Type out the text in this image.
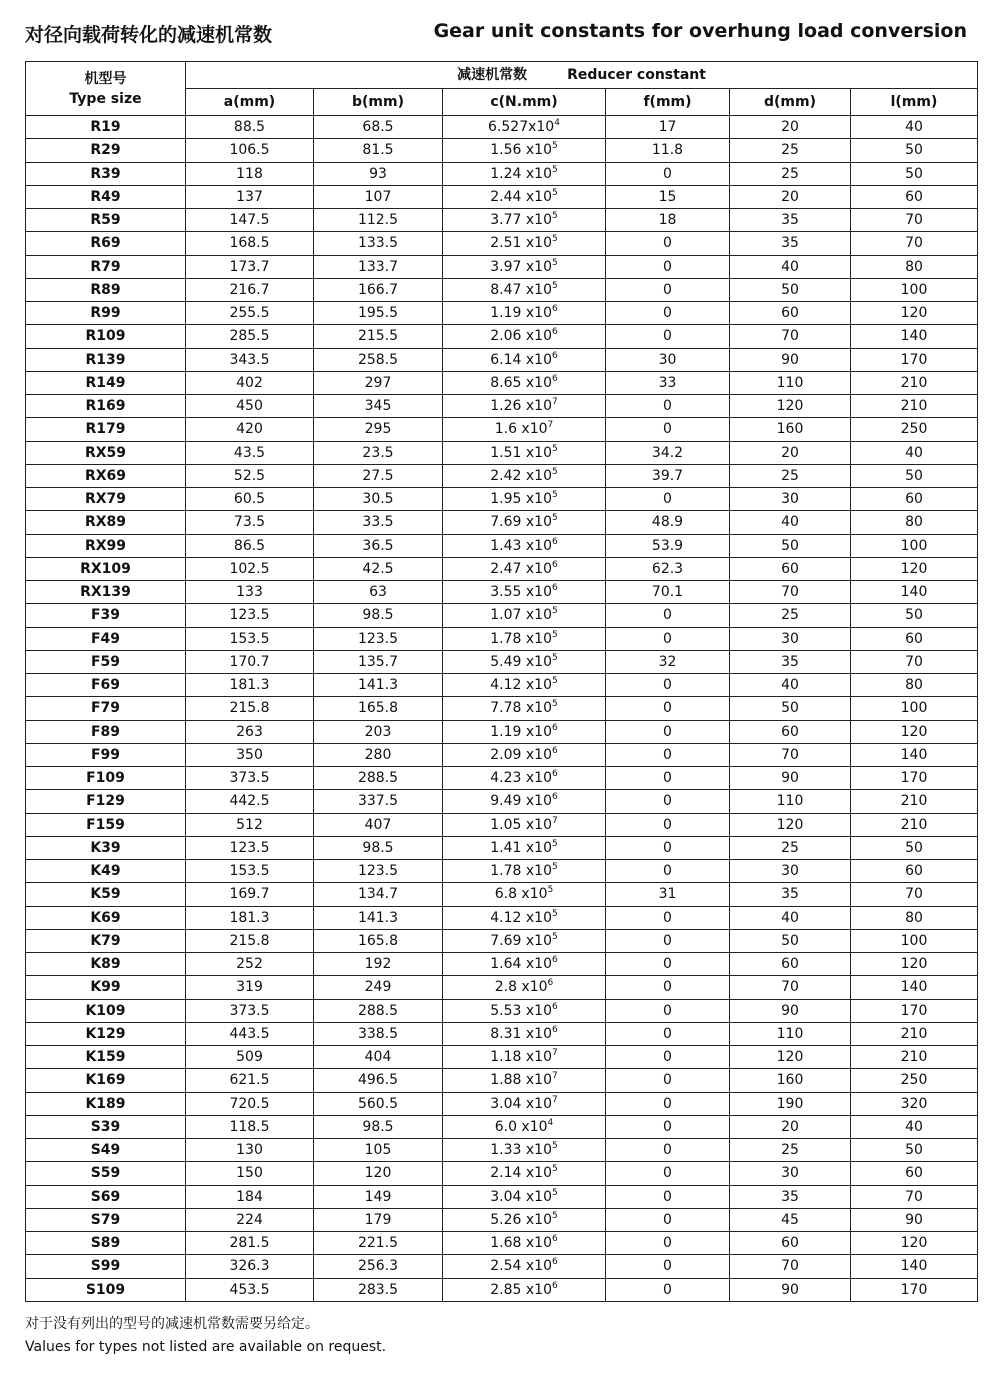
对径向载荷转化的减速机常数	Gear unit constants for overhung load conversion
机型号
Type size	减速机常数 Reducer constant					
	a(mm)	b(mm)	c(N.mm)	f(mm)	d(mm)	l(mm)
R19	88.5	68.5	$6.527x10^4$	17	20	40
R29	106.5	81.5	1.56 $x10^5$	11.8	25	50
R39	118	93	1.24 $x10^5$	0	25	50
R49	137	107	2.44 $x10^5$	15	20	60
R59	147.5	112.5	3.77 $x10^5$	18	35	70
R69	168.5	133.5	2.51 $x10^5$	0	35	70
R79	173.7	133.7	3.97 $x10^5$	0	40	80
R89	216.7	166.7	8.47 $x10^5$	0	50	100
R99	255.5	195.5	1.19 $x10^6$	0	60	120
R109	285.5	215.5	2.06 $x10^6$	0	70	140
R139	343.5	258.5	6.14 $x10^6$	30	90	170
R149	402	297	8.65 $x10^6$	33	110	210
R169	450	345	1.26 $x10^7$	0	120	210
R179	420	295	1.6 $x10^7$	0	160	250
RX59	43.5	23.5	1.51 $x10^5$	34.2	20	40
RX69	52.5	27.5	2.42 $x10^5$	39.7	25	50
RX79	60.5	30.5	1.95 $x10^5$	0	30	60
RX89	73.5	33.5	7.69 $x10^5$	48.9	40	80
RX99	86.5	36.5	1.43 $x10^6$	53.9	50	100
RX109	102.5	42.5	2.47 $x10^6$	62.3	60	120
RX139	133	63	3.55 $x10^6$	70.1	70	140
F39	123.5	98.5	1.07 $x10^5$	0	25	50
F49	153.5	123.5	1.78 $x10^5$	0	30	60
F59	170.7	135.7	5.49 $x10^5$	32	35	70
F69	181.3	141.3	4.12 $x10^5$	0	40	80
F79	215.8	165.8	7.78 $x10^5$	0	50	100
F89	263	203	1.19 $x10^6$	0	60	120
F99	350	280	2.09 $x10^6$	0	70	140
F109	373.5	288.5	4.23 $x10^6$	0	90	170
F129	442.5	337.5	9.49 $x10^6$	0	110	210
F159	512	407	1.05 $x10^7$	0	120	210
K39	123.5	98.5	1.41 $x10^5$	0	25	50
K49	153.5	123.5	1.78 $x10^5$	0	30	60
K59	169.7	134.7	6.8 $x10^5$	31	35	70
K69	181.3	141.3	4.12 $x10^5$	0	40	80
K79	215.8	165.8	7.69 $x10^5$	0	50	100
K89	252	192	1.64 $x10^6$	0	60	120
K99	319	249	2.8 $x10^6$	0	70	140
K109	373.5	288.5	5.53 $x10^6$	0	90	170
K129	443.5	338.5	8.31 $x10^6$	0	110	210
K159	509	404	1.18 $x10^7$	0	120	210
K169	621.5	496.5	1.88 $x10^7$	0	160	250
K189	720.5	560.5	3.04 $x10^7$	0	190	320
S39	118.5	98.5	6.0 $x10^4$	0	20	40
S49	130	105	1.33 $x10^5$	0	25	50
S59	150	120	2.14 $x10^5$	0	30	60
S69	184	149	3.04 $x10^5$	0	35	70
S79	224	179	5.26 $x10^5$	0	45	90
S89	281.5	221.5	1.68 $x10^6$	0	60	120
S99	326.3	256.3	2.54 $x10^6$	0	70	140
S109	453.5	283.5	2.85 $x10^6$	0	90	170
对于没有列出的型号的减速机常数需要另给定。
Values for types not listed are available on request.
